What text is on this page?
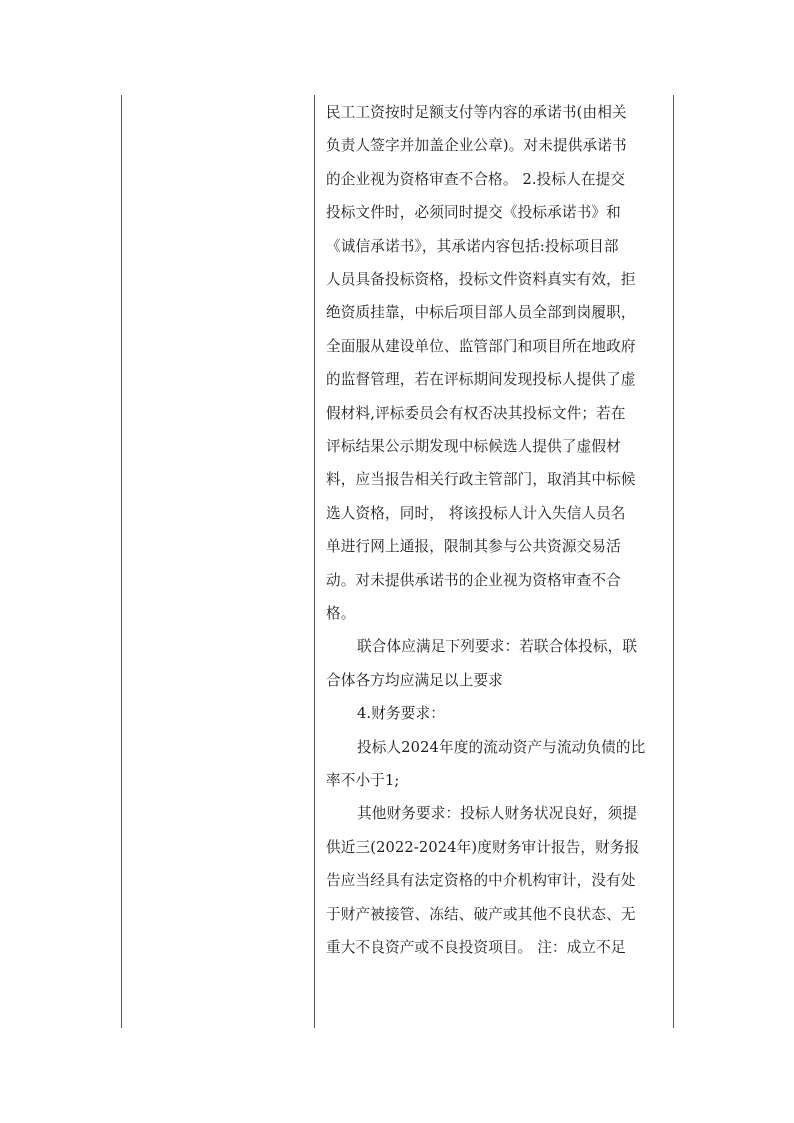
民工工资按时足额支付等内容的承诺书(由相关
负责人签字并加盖企业公章)。对未提供承诺书
的企业视为资格审查不合格。 2.投标人在提交
投标文件时，必须同时提交《投标承诺书》和
《诚信承诺书》，其承诺内容包括:投标项目部
人员具备投标资格，投标文件资料真实有效，拒
绝资质挂靠，中标后项目部人员全部到岗履职，
全面服从建设单位、监管部门和项目所在地政府
的监督管理，若在评标期间发现投标人提供了虚
假材料,评标委员会有权否决其投标文件；若在
评标结果公示期发现中标候选人提供了虚假材
料，应当报告相关行政主管部门，取消其中标候
选人资格，同时， 将该投标人计入失信人员名
单进行网上通报，限制其参与公共资源交易活
动。对未提供承诺书的企业视为资格审查不合
格。
联合体应满足下列要求：若联合体投标，联
合体各方均应满足以上要求
4.财务要求：
投标人2024年度的流动资产与流动负债的比
率不小于1;
其他财务要求：投标人财务状况良好，须提
供近三(2022-2024年)度财务审计报告，财务报
告应当经具有法定资格的中介机构审计，没有处
于财产被接管、冻结、破产或其他不良状态、无
重大不良资产或不良投资项目。 注：成立不足
